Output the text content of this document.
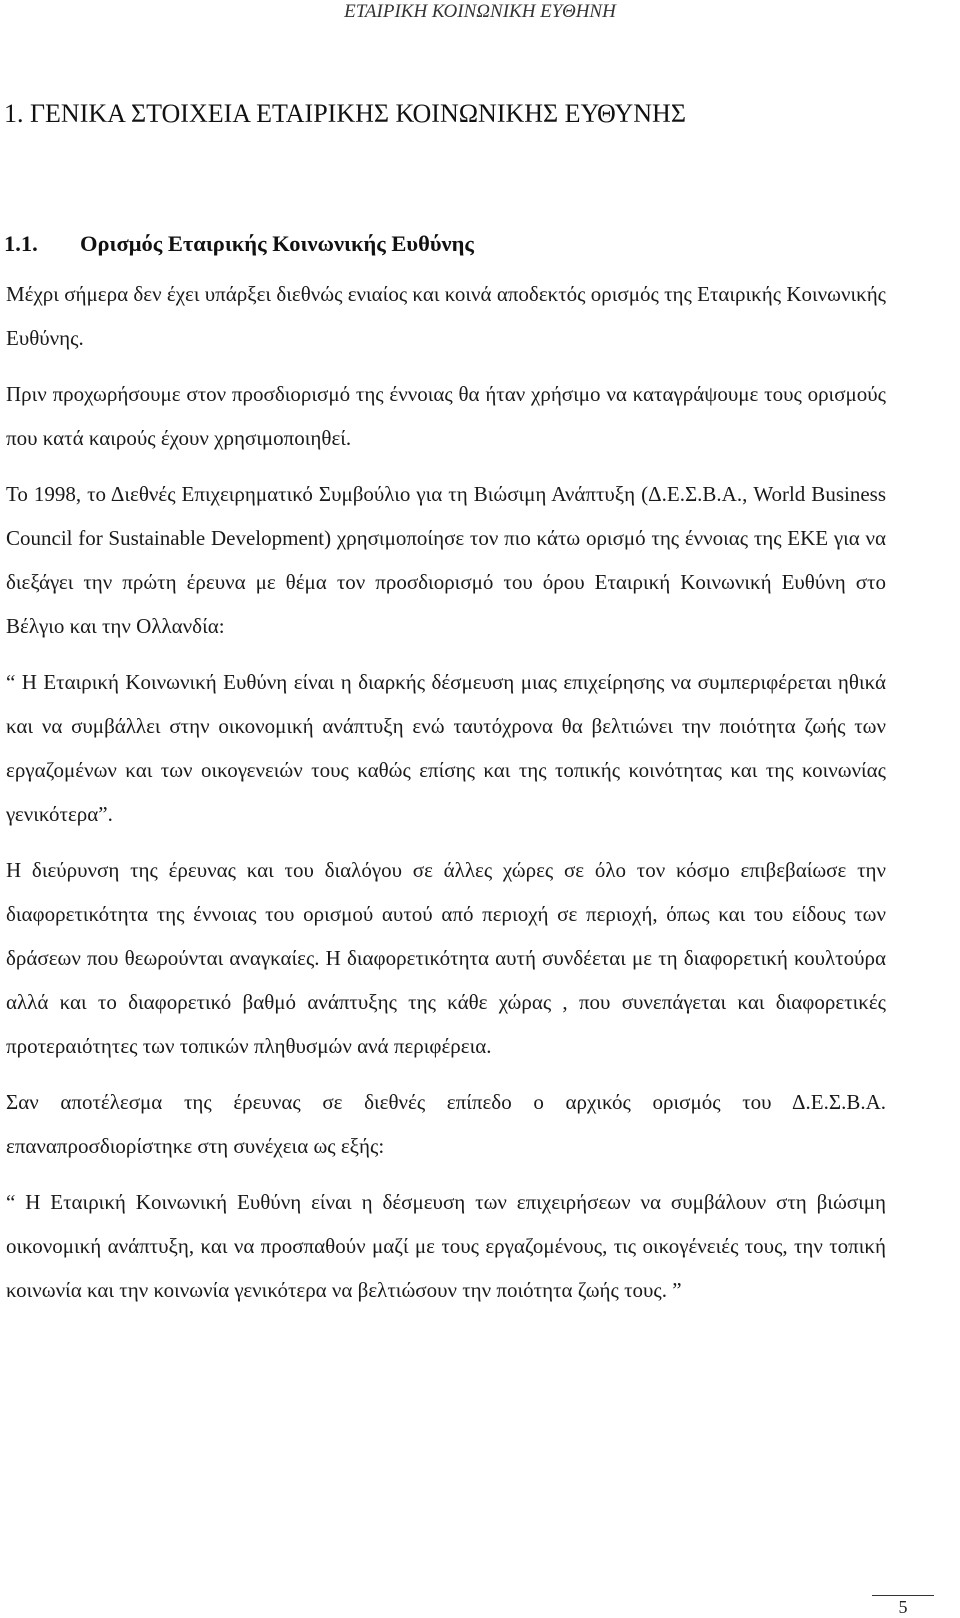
ΕΤΑΙΡΙΚΗ ΚΟΙΝΩΝΙΚΗ ΕΥΘΗΝΗ
1. ΓΕΝΙΚΑ ΣΤΟΙΧΕΙΑ ΕΤΑΙΡΙΚΗΣ ΚΟΙΝΩΝΙΚΗΣ ΕΥΘΥΝΗΣ
1.1. Ορισμός Εταιρικής Κοινωνικής Ευθύνης

Μέχρι σήμερα δεν έχει υπάρξει διεθνώς ενιαίος και κοινά αποδεκτός ορισμός της Εταιρικής Κοινωνικής Ευθύνης.

Πριν προχωρήσουμε στον προσδιορισμό της έννοιας θα ήταν χρήσιμο να καταγράψουμε τους ορισμούς που κατά καιρούς έχουν χρησιμοποιηθεί.

Το 1998, το Διεθνές Επιχειρηματικό Συμβούλιο για τη Βιώσιμη Ανάπτυξη (Δ.Ε.Σ.Β.Α., World Business Council for Sustainable Development) χρησιμοποίησε τον πιο κάτω ορισμό της έννοιας της ΕΚΕ για να διεξάγει την πρώτη έρευνα με θέμα τον προσδιορισμό του όρου Εταιρική Κοινωνική Ευθύνη στο Βέλγιο και την Ολλανδία:

“ Η Εταιρική Κοινωνική Ευθύνη είναι η διαρκής δέσμευση μιας επιχείρησης να συμπεριφέρεται ηθικά και να συμβάλλει στην οικονομική ανάπτυξη ενώ ταυτόχρονα θα βελτιώνει την ποιότητα ζωής των εργαζομένων και των οικογενειών τους καθώς επίσης και της τοπικής κοινότητας και της κοινωνίας γενικότερα”.

Η διεύρυνση της έρευνας και του διαλόγου σε άλλες χώρες σε όλο τον κόσμο επιβεβαίωσε την διαφορετικότητα της έννοιας του ορισμού αυτού από περιοχή σε περιοχή, όπως και του είδους των δράσεων που θεωρούνται αναγκαίες. Η διαφορετικότητα αυτή συνδέεται με τη διαφορετική κουλτούρα αλλά και το διαφορετικό βαθμό ανάπτυξης της κάθε χώρας , που συνεπάγεται και διαφορετικές προτεραιότητες των τοπικών πληθυσμών ανά περιφέρεια.

Σαν αποτέλεσμα της έρευνας σε διεθνές επίπεδο ο αρχικός ορισμός του Δ.Ε.Σ.Β.Α. επαναπροσδιορίστηκε στη συνέχεια ως εξής:

“ Η Εταιρική Κοινωνική Ευθύνη είναι η δέσμευση των επιχειρήσεων να συμβάλουν στη βιώσιμη οικονομική ανάπτυξη, και να προσπαθούν μαζί με τους εργαζομένους, τις οικογένειές τους, την τοπική κοινωνία και την κοινωνία γενικότερα να βελτιώσουν την ποιότητα ζωής τους. ”

5
